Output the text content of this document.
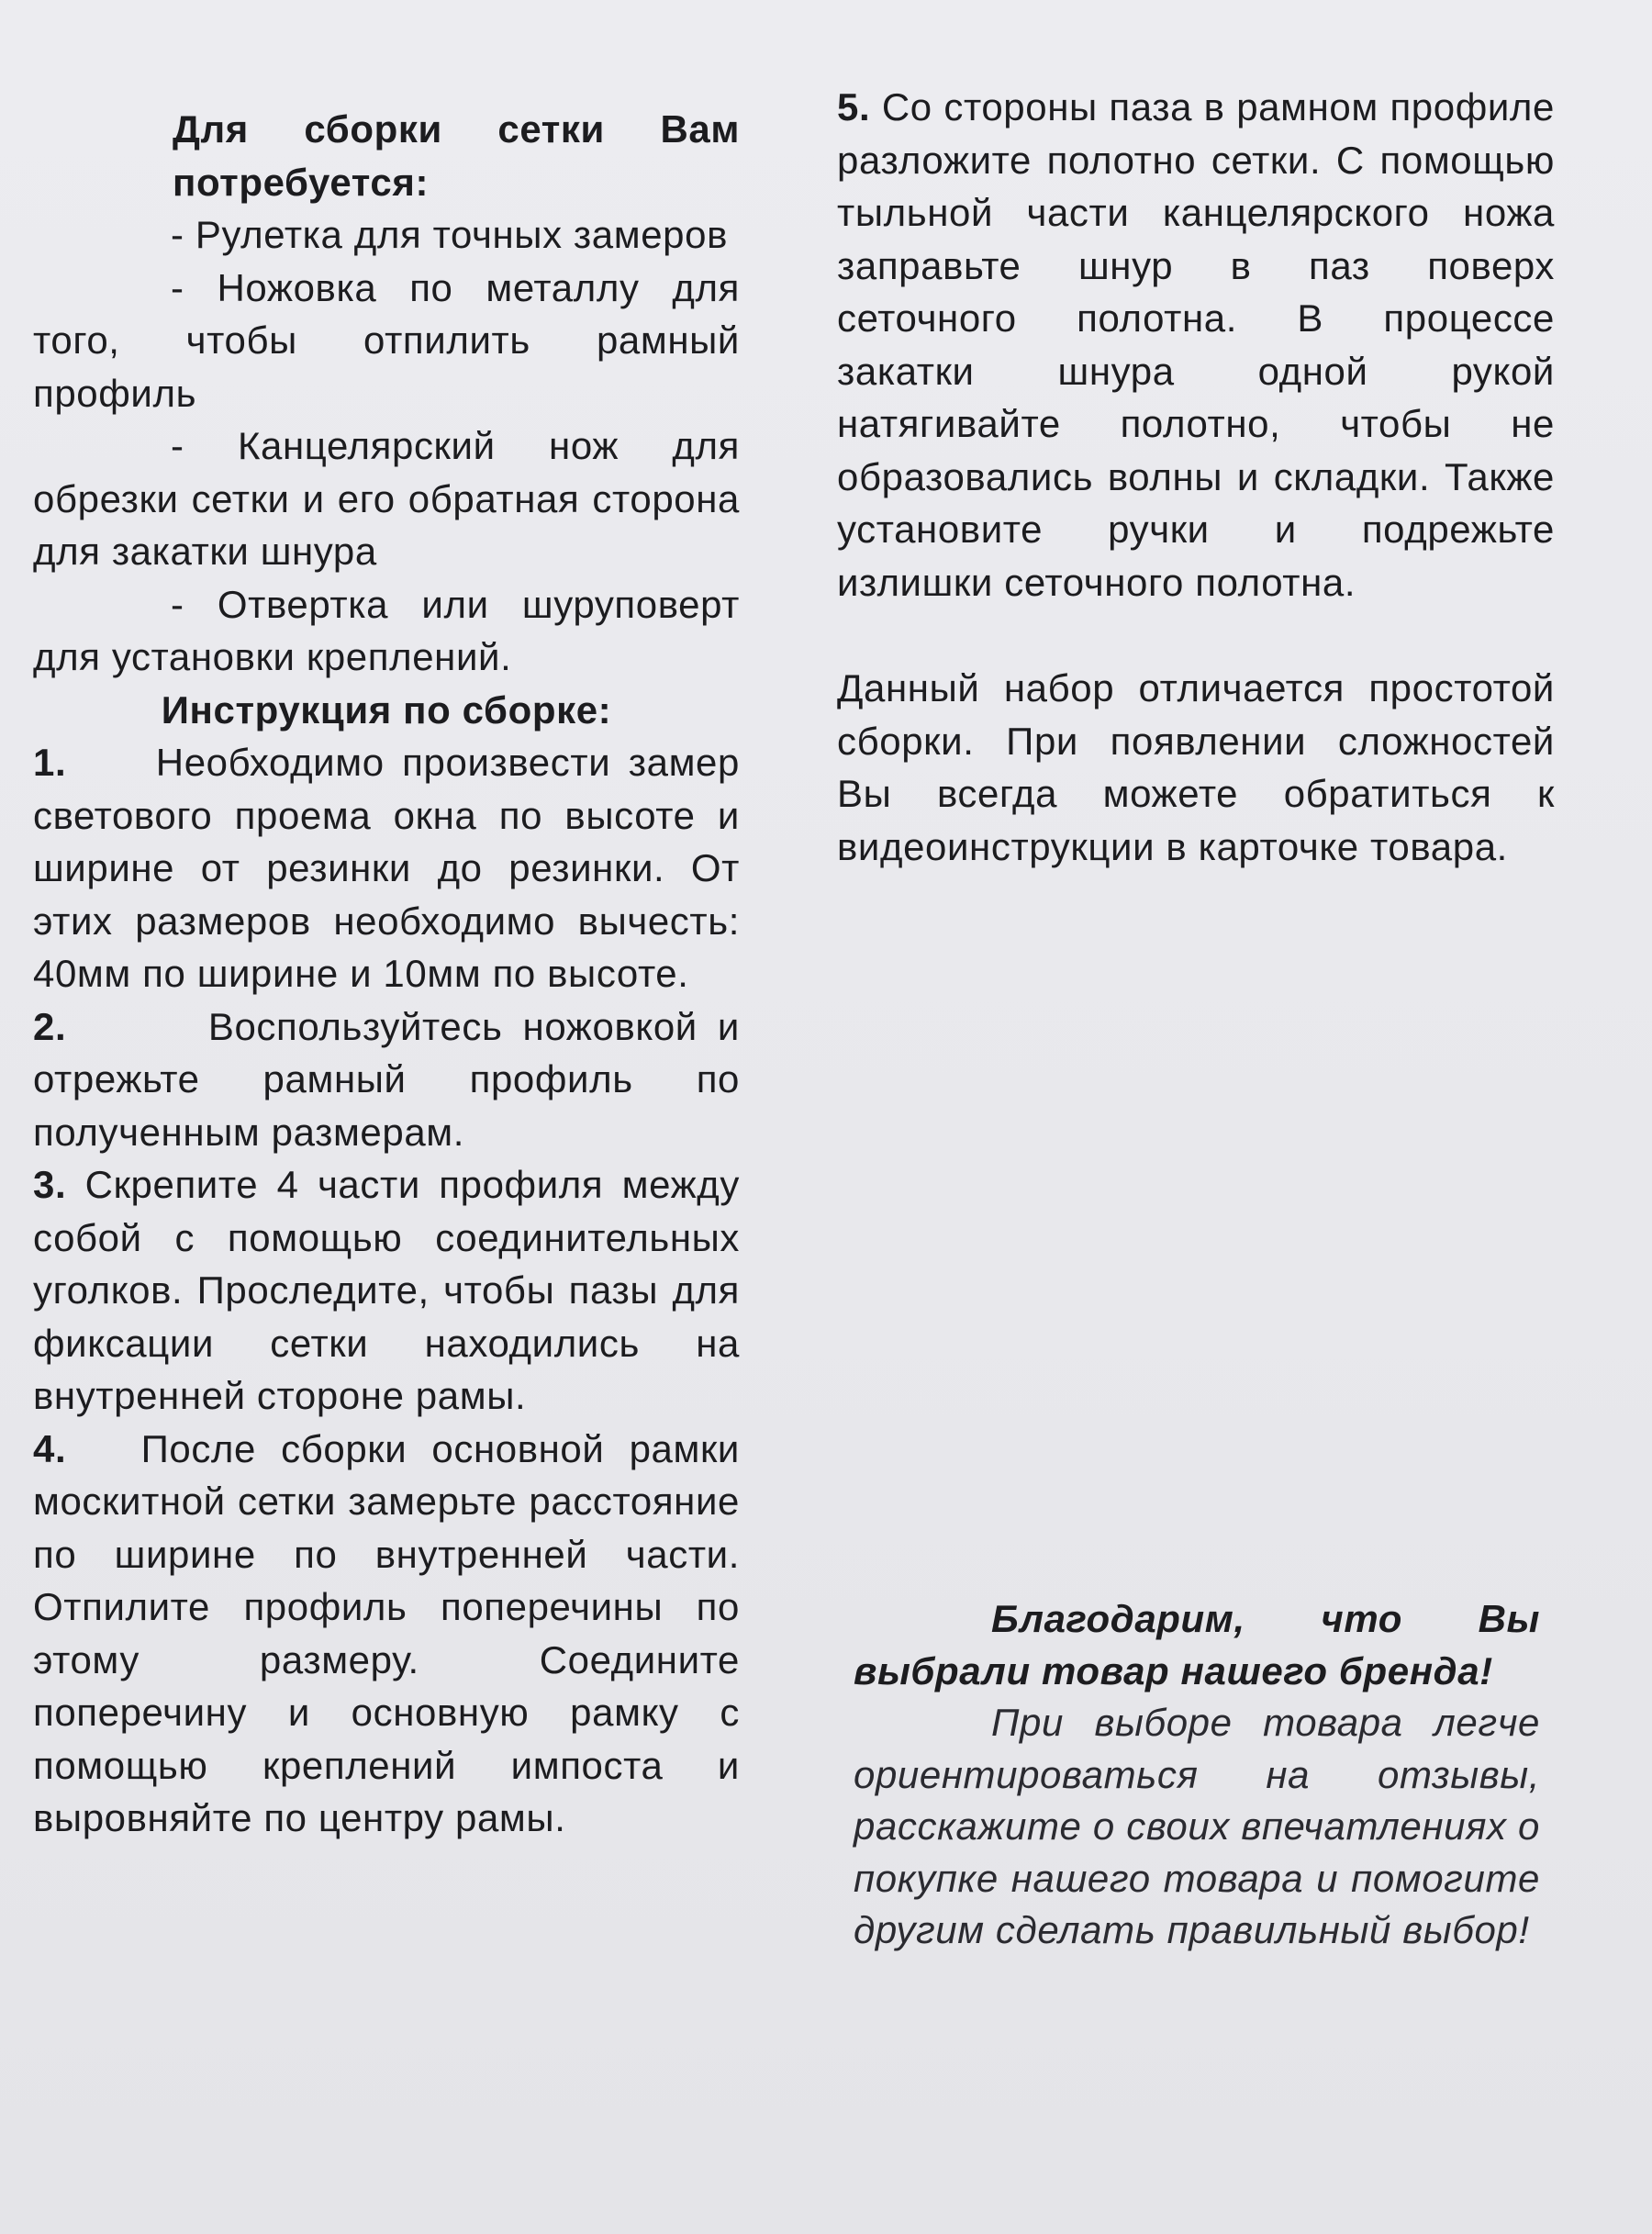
Для сборки сетки Вам потребуется:

- Рулетка для точных замеров

- Ножовка по металлу для того, чтобы отпилить рамный профиль

- Канцелярский нож для обрезки сетки и его обратная сторона для закатки шнура

- Отвертка или шуруповерт для установки креплений.

Инструкция по сборке:

1. Необходимо произвести замер светового проема окна по высоте и ширине от резинки до резинки. От этих размеров необходимо вычесть: 40мм по ширине и 10мм по высоте.

2.	Воспользуйтесь ножовкой и отрежьте рамный профиль по полученным размерам.

3. Скрепите 4 части профиля между собой с помощью соединительных уголков. Проследите, чтобы пазы для фиксации сетки находились на внутренней стороне рамы.

4. После сборки основной рамки москитной сетки замерьте расстояние по ширине по внутренней части. Отпилите профиль поперечины по этому размеру. Соедините поперечину и основную рамку с помощью креплений импоста и выровняйте по центру рамы.

5. Со стороны паза в рамном профиле разложите полотно сетки. С помощью тыльной части канцелярского ножа заправьте шнур в паз поверх сеточного полотна. В процессе закатки шнура одной рукой натягивайте полотно, чтобы не образовались волны и складки. Также установите ручки и подрежьте излишки сеточного полотна.

Данный набор отличается простотой сборки. При появлении сложностей Вы всегда можете обратиться к видеоинструкции в карточке товара.

Благодарим, что Вы выбрали товар нашего бренда!

При выборе товара легче ориентироваться на отзывы, расскажите о своих впечатлениях о покупке нашего товара и помогите другим сделать правильный выбор!
